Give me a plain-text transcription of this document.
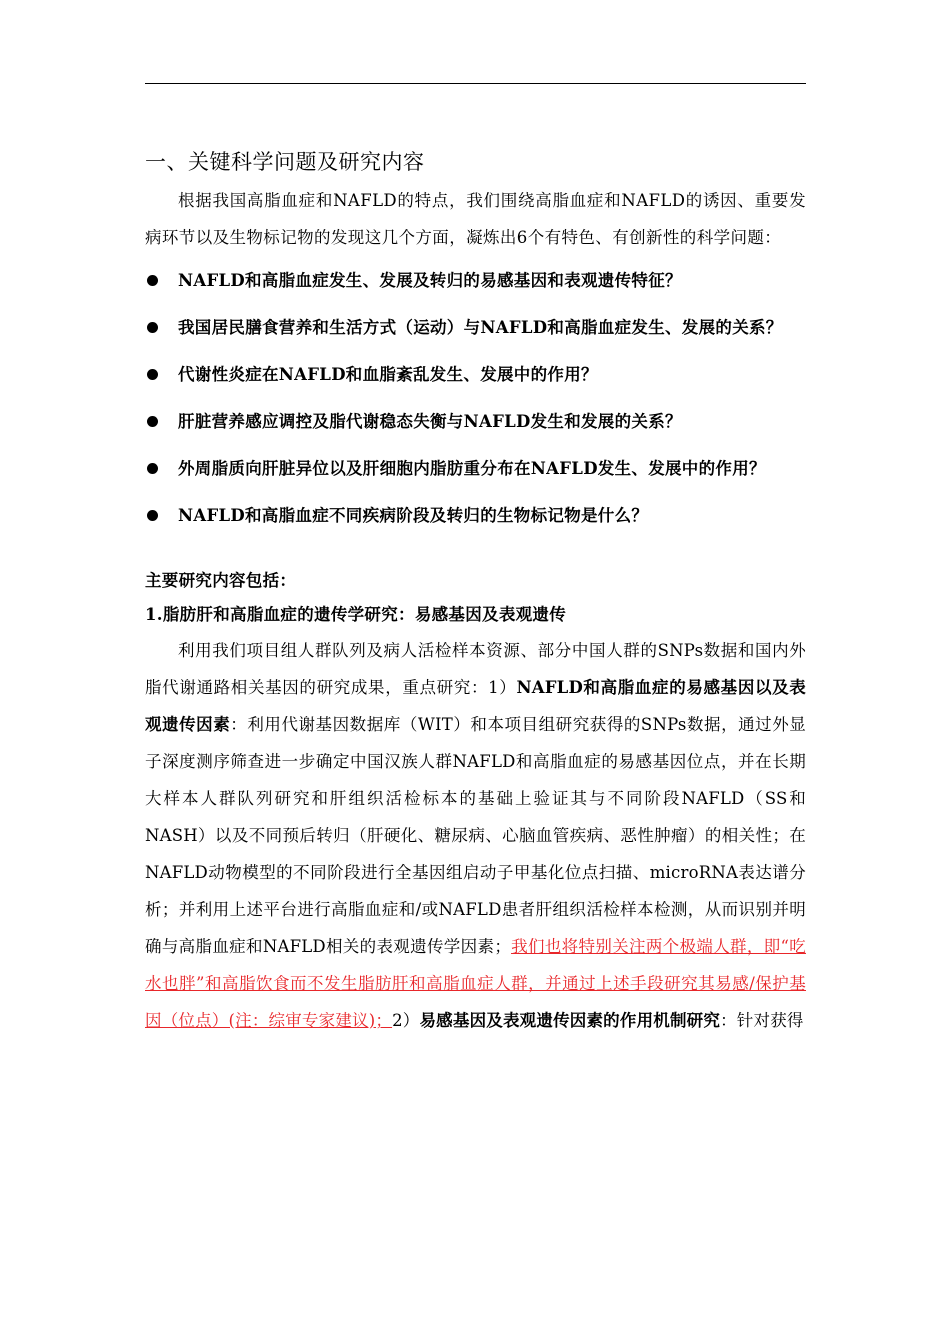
一、关键科学问题及研究内容

根据我国高脂血症和NAFLD的特点，我们围绕高脂血症和NAFLD的诱因、重要发病环节以及生物标记物的发现这几个方面，凝炼出6个有特色、有创新性的科学问题：

NAFLD和高脂血症发生、发展及转归的易感基因和表观遗传特征？
我国居民膳食营养和生活方式（运动）与NAFLD和高脂血症发生、发展的关系？
代谢性炎症在NAFLD和血脂紊乱发生、发展中的作用？
肝脏营养感应调控及脂代谢稳态失衡与NAFLD发生和发展的关系？
外周脂质向肝脏异位以及肝细胞内脂肪重分布在NAFLD发生、发展中的作用？
NAFLD和高脂血症不同疾病阶段及转归的生物标记物是什么？

主要研究内容包括：

1.脂肪肝和高脂血症的遗传学研究：易感基因及表观遗传

利用我们项目组人群队列及病人活检样本资源、部分中国人群的SNPs数据和国内外脂代谢通路相关基因的研究成果，重点研究：1）NAFLD和高脂血症的易感基因以及表观遗传因素：利用代谢基因数据库（WIT）和本项目组研究获得的SNPs数据，通过外显子深度测序筛查进一步确定中国汉族人群NAFLD和高脂血症的易感基因位点，并在长期大样本人群队列研究和肝组织活检标本的基础上验证其与不同阶段NAFLD（SS和NASH）以及不同预后转归（肝硬化、糖尿病、心脑血管疾病、恶性肿瘤）的相关性；在NAFLD动物模型的不同阶段进行全基因组启动子甲基化位点扫描、microRNA表达谱分析；并利用上述平台进行高脂血症和/或NAFLD患者肝组织活检样本检测，从而识别并明确与高脂血症和NAFLD相关的表观遗传学因素；我们也将特别关注两个极端人群，即“吃水也胖”和高脂饮食而不发生脂肪肝和高脂血症人群，并通过上述手段研究其易感/保护基因（位点）(注：综审专家建议)；2）易感基因及表观遗传因素的作用机制研究：针对获得
